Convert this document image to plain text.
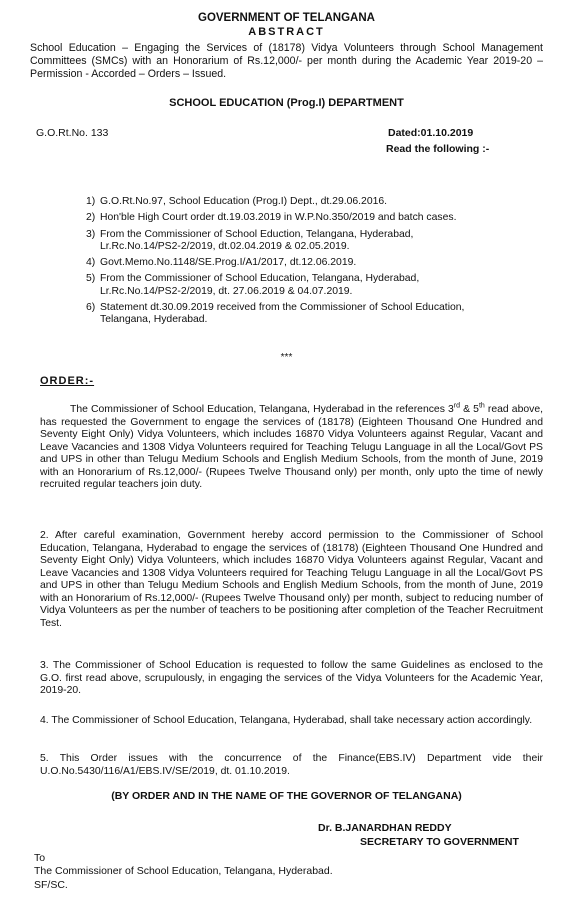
GOVERNMENT OF TELANGANA
ABSTRACT
School Education – Engaging the Services of (18178) Vidya Volunteers through School Management Committees (SMCs) with an Honorarium of Rs.12,000/- per month during the Academic Year 2019-20 – Permission - Accorded – Orders – Issued.
SCHOOL EDUCATION (Prog.I) DEPARTMENT
G.O.Rt.No. 133	Dated:01.10.2019
Read the following :-
1) G.O.Rt.No.97, School Education (Prog.I) Dept., dt.29.06.2016.
2) Hon'ble High Court order dt.19.03.2019 in W.P.No.350/2019 and batch cases.
3) From the Commissioner of School Eduction, Telangana, Hyderabad, Lr.Rc.No.14/PS2-2/2019, dt.02.04.2019 & 02.05.2019.
4) Govt.Memo.No.1148/SE.Prog.I/A1/2017, dt.12.06.2019.
5) From the Commissioner of School Education, Telangana, Hyderabad, Lr.Rc.No.14/PS2-2/2019, dt. 27.06.2019 & 04.07.2019.
6) Statement dt.30.09.2019 received from the Commissioner of School Education, Telangana, Hyderabad.
***
ORDER:-

The Commissioner of School Education, Telangana, Hyderabad in the references 3rd & 5th read above, has requested the Government to engage the services of (18178) (Eighteen Thousand One Hundred and Seventy Eight Only) Vidya Volunteers, which includes 16870 Vidya Volunteers against Regular, Vacant and Leave Vacancies and 1308 Vidya Volunteers required for Teaching Telugu Language in all the Local/Govt PS and UPS in other than Telugu Medium Schools and English Medium Schools, from the month of June, 2019 with an Honorarium of Rs.12,000/- (Rupees Twelve Thousand only) per month, only upto the time of newly recruited regular teachers join duty.

2. After careful examination, Government hereby accord permission to the Commissioner of School Education, Telangana, Hyderabad to engage the services of (18178) (Eighteen Thousand One Hundred and Seventy Eight Only) Vidya Volunteers, which includes 16870 Vidya Volunteers against Regular, Vacant and Leave Vacancies and 1308 Vidya Volunteers required for Teaching Telugu Language in all the Local/Govt PS and UPS in other than Telugu Medium Schools and English Medium Schools, from the month of June, 2019 with an Honorarium of Rs.12,000/- (Rupees Twelve Thousand only) per month, subject to reducing number of Vidya Volunteers as per the number of teachers to be positioning after completion of the Teacher Recruitment Test.

3. The Commissioner of School Education is requested to follow the same Guidelines as enclosed to the G.O. first read above, scrupulously, in engaging the services of the Vidya Volunteers for the Academic Year, 2019-20.

4. The Commissioner of School Education, Telangana, Hyderabad, shall take necessary action accordingly.

5. This Order issues with the concurrence of the Finance(EBS.IV) Department vide their U.O.No.5430/116/A1/EBS.IV/SE/2019, dt. 01.10.2019.

(BY ORDER AND IN THE NAME OF THE GOVERNOR OF TELANGANA)
Dr. B.JANARDHAN REDDY
SECRETARY TO GOVERNMENT
To
The Commissioner of School Education, Telangana, Hyderabad.
SF/SC.
